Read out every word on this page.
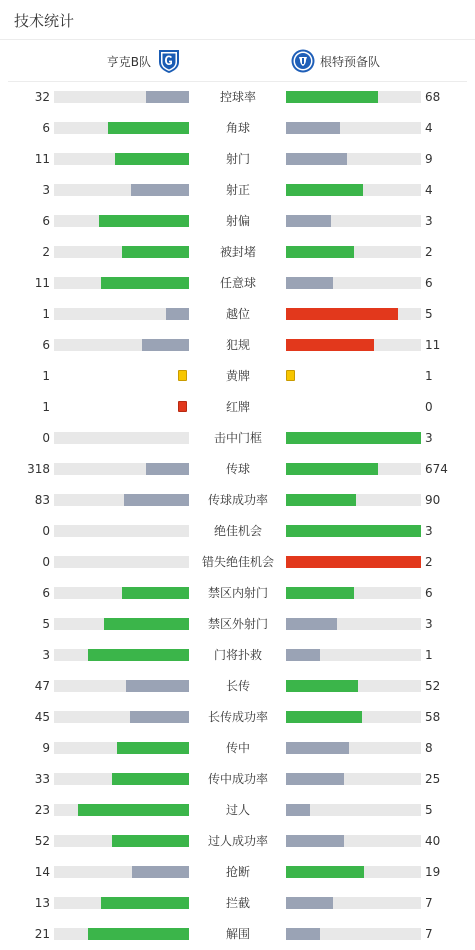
技术统计
亨克B队	根特预备队
32	控球率	68
6	角球	4
11	射门	9
3	射正	4
6	射偏	3
2	被封堵	2
11	任意球	6
1	越位	5
6	犯规	11
1	黄牌	1
1	红牌	0
0	击中门框	3
318	传球	674
83	传球成功率	90
0	绝佳机会	3
0	错失绝佳机会	2
6	禁区内射门	6
5	禁区外射门	3
3	门将扑救	1
47	长传	52
45	长传成功率	58
9	传中	8
33	传中成功率	25
23	过人	5
52	过人成功率	40
14	抢断	19
13	拦截	7
21	解围	7
